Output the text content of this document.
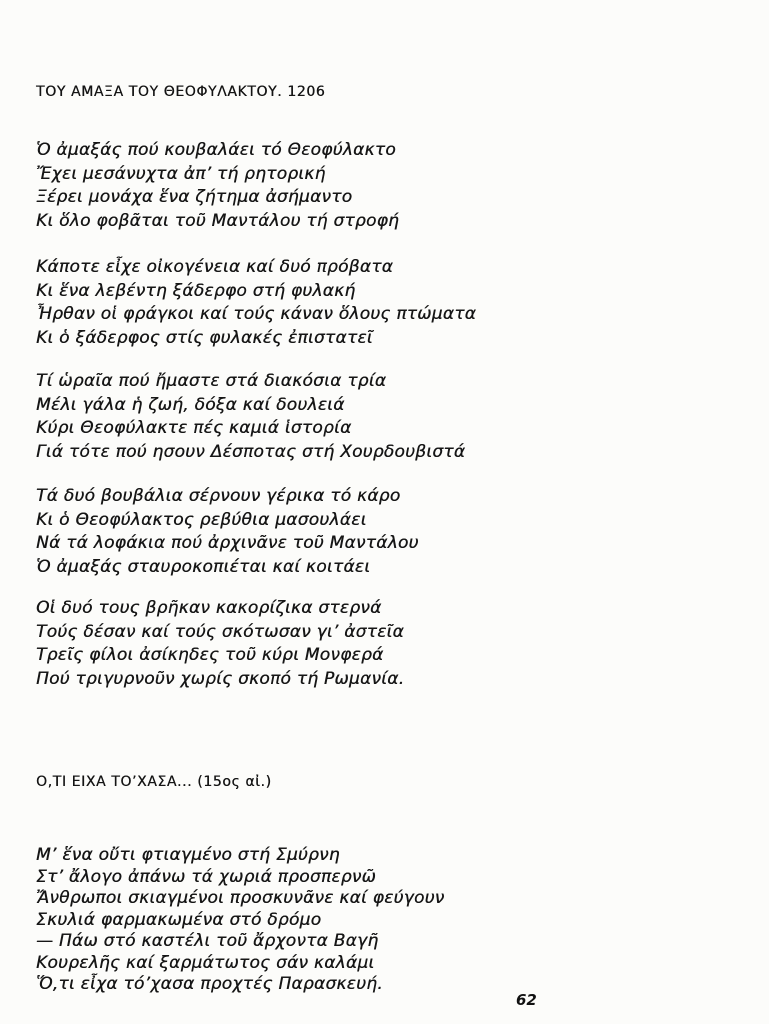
ΤΟΥ ΑΜΑΞΑ ΤΟΥ ΘΕΟΦΥΛΑΚΤΟΥ. 1206
Ὁ ἀμαξάς πού κουβαλάει τό Θεοφύλακτο
Ἔχει μεσάνυχτα ἀπ’ τή ρητορική
Ξέρει μονάχα ἕνα ζήτημα ἀσήμαντο
Κι ὅλο φοβᾶται τοῦ Μαντάλου τή στροφή
Κάποτε εἶχε οἰκογένεια καί δυό πρόβατα
Κι ἕνα λεβέντη ξάδερφο στή φυλακή
Ἦρθαν οἱ φράγκοι καί τούς κάναν ὅλους πτώματα
Κι ὁ ξάδερφος στίς φυλακές ἐπιστατεῖ
Τί ὡραῖα πού ἤμαστε στά διακόσια τρία
Μέλι γάλα ἡ ζωή, δόξα καί δουλειά
Κύρι Θεοφύλακτε πές καμιά ἱστορία
Γιά τότε πού ησουν Δέσποτας στή Χουρδουβιστά
Τά δυό βουβάλια σέρνουν γέρικα τό κάρο
Κι ὁ Θεοφύλακτος ρεβύθια μασουλάει
Νά τά λοφάκια πού ἀρχινᾶνε τοῦ Μαντάλου
Ὁ ἀμαξάς σταυροκοπιέται καί κοιτάει
Οἱ δυό τους βρῆκαν κακορίζικα στερνά
Τούς δέσαν καί τούς σκότωσαν γι’ ἀστεῖα
Τρεῖς φίλοι ἀσίκηδες τοῦ κύρι Μονφερά
Πού τριγυρνοῦν χωρίς σκοπό τή Ρωμανία.
Ο,ΤΙ ΕΙΧΑ ΤΟ’ΧΑΣΑ... (15ος αἰ.)
Μ’ ἕνα οὔτι φτιαγμένο στή Σμύρνη
Στ’ ἄλογο ἀπάνω τά χωριά προσπερνῶ
Ἄνθρωποι σκιαγμένοι προσκυνᾶνε καί φεύγουν
Σκυλιά φαρμακωμένα στό δρόμο
— Πάω στό καστέλι τοῦ ἄρχοντα Βαγῆ
Κουρελῆς καί ξαρμάτωτος σάν καλάμι
Ὅ,τι εἶχα τό’χασα προχτές Παρασκευή.
62
